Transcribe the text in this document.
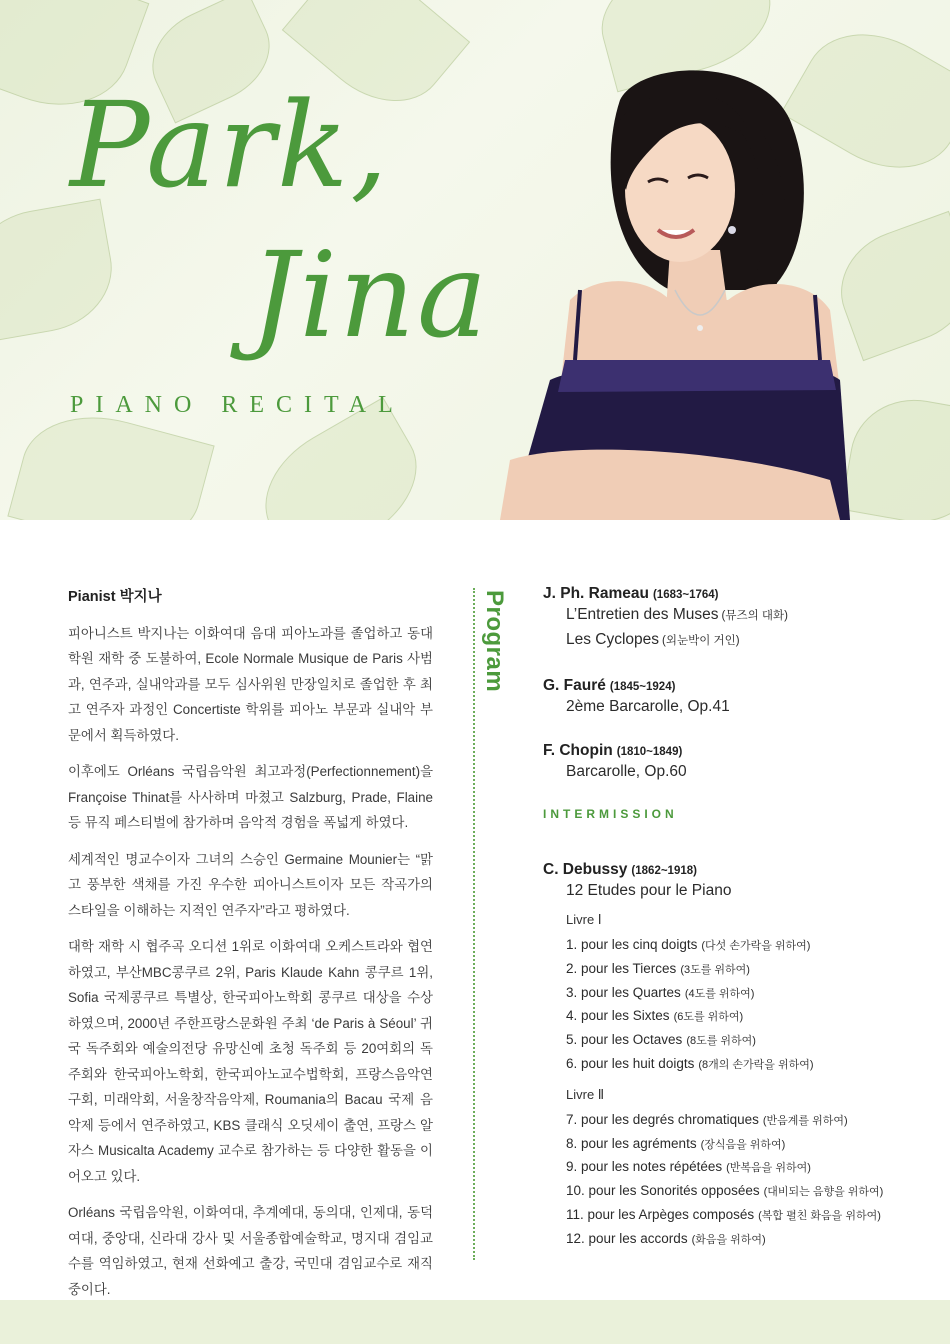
Park,
Jina
PIANO RECITAL
Pianist 박지나

피아니스트 박지나는 이화여대 음대 피아노과를 졸업하고 동대학원 재학 중 도불하여, Ecole Normale Musique de Paris 사범과, 연주과, 실내악과를 모두 심사위원 만장일치로 졸업한 후 최고 연주자 과정인 Concertiste 학위를 피아노 부문과 실내악 부문에서 획득하였다.

이후에도 Orléans 국립음악원 최고과정(Perfectionnement)을 Françoise Thinat를 사사하며 마쳤고 Salzburg, Prade, Flaine 등 뮤직 페스티벌에 참가하며 음악적 경험을 폭넓게 하였다.

세계적인 명교수이자 그녀의 스승인 Germaine Mounier는 “맑고 풍부한 색채를 가진 우수한 피아니스트이자 모든 작곡가의 스타일을 이해하는 지적인 연주자”라고 평하였다.

대학 재학 시 협주곡 오디션 1위로 이화여대 오케스트라와 협연하였고, 부산MBC콩쿠르 2위, Paris Klaude Kahn 콩쿠르 1위, Sofia 국제콩쿠르 특별상, 한국피아노학회 콩쿠르 대상을 수상하였으며, 2000년 주한프랑스문화원 주최 ‘de Paris à Séoul’ 귀국 독주회와 예술의전당 유망신예 초청 독주회 등 20여회의 독주회와 한국피아노학회, 한국피아노교수법학회, 프랑스음악연구회, 미래악회, 서울창작음악제, Roumania의 Bacau 국제 음악제 등에서 연주하였고, KBS 클래식 오딧세이 출연, 프랑스 알자스 Musicalta Academy 교수로 참가하는 등 다양한 활동을 이어오고 있다.

Orléans 국립음악원, 이화여대, 추계예대, 동의대, 인제대, 동덕여대, 중앙대, 신라대 강사 및 서울종합예술학교, 명지대 겸임교수를 역임하였고, 현재 선화예고 출강, 국민대 겸임교수로 재직중이다.

Program J. Ph. Rameau (1683~1764)
L’Entretien des Muses (뮤즈의 대화)
Les Cyclopes (외눈박이 거인)
G. Fauré (1845~1924)
2ème Barcarolle, Op.41
F. Chopin (1810~1849)
Barcarolle, Op.60
INTERMISSION
C. Debussy (1862~1918)
12 Etudes pour le Piano
Livre Ⅰ
1. pour les cinq doigts (다섯 손가락을 위하여)
2. pour les Tierces (3도를 위하여)
3. pour les Quartes (4도를 위하여)
4. pour les Sixtes (6도를 위하여)
5. pour les Octaves (8도를 위하여)
6. pour les huit doigts (8개의 손가락을 위하여)
Livre Ⅱ
7. pour les degrés chromatiques (반음계를 위하여)
8. pour les agréments (장식음을 위하여)
9. pour les notes répétées (반복음을 위하여)
10. pour les Sonorités opposées (대비되는 음향을 위하여)
11. pour les Arpèges composés (복합 펼친 화음을 위하여)
12. pour les accords (화음을 위하여)
